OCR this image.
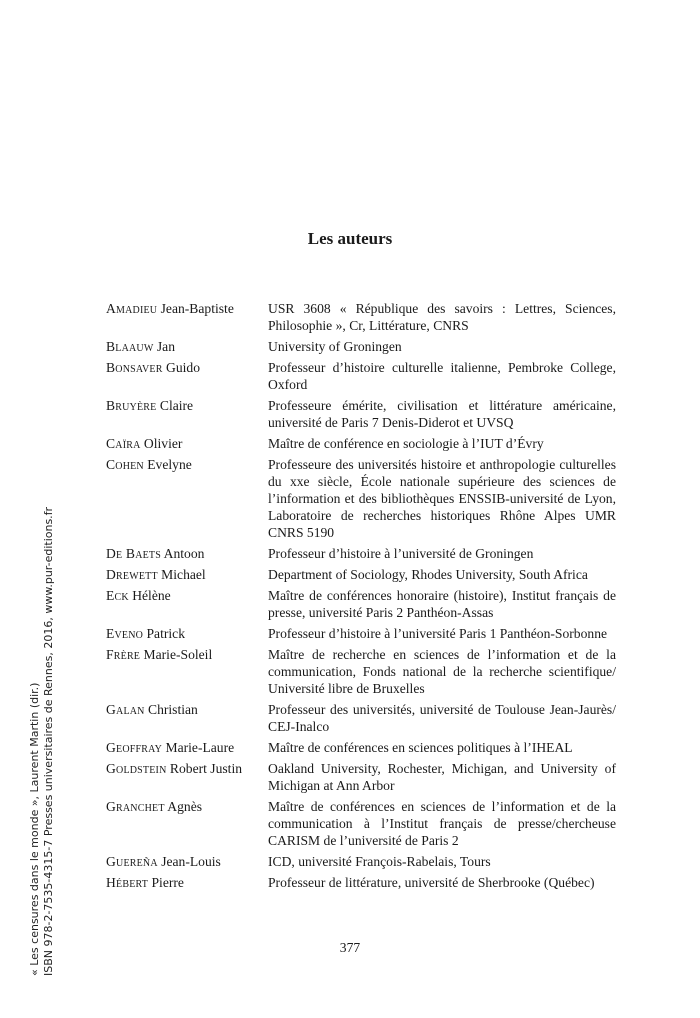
Les auteurs
Amadieu Jean-Baptiste	USR 3608 « République des savoirs : Lettres, Sciences, Philosophie », Cr, Littérature, CNRS
Blaauw Jan	University of Groningen
Bonsaver Guido	Professeur d’histoire culturelle italienne, Pembroke College, Oxford
Bruyère Claire	Professeure émérite, civilisation et littérature américaine, université de Paris 7 Denis-Diderot et UVSQ
Caïra Olivier	Maître de conférence en sociologie à l’IUT d’Évry
Cohen Evelyne	Professeure des universités histoire et anthropologie culturelles du xxe siècle, École nationale supérieure des sciences de l’information et des bibliothèques ENSSIB-université de Lyon, Laboratoire de recherches historiques Rhône Alpes UMR CNRS 5190
De Baets Antoon	Professeur d’histoire à l’université de Groningen
Drewett Michael	Department of Sociology, Rhodes University, South Africa
Eck Hélène	Maître de conférences honoraire (histoire), Institut français de presse, université Paris 2 Panthéon-Assas
Eveno Patrick	Professeur d’histoire à l’université Paris 1 Panthéon-Sorbonne
Frère Marie-Soleil	Maître de recherche en sciences de l’information et de la communication, Fonds national de la recherche scientifique/ Université libre de Bruxelles
Galan Christian	Professeur des universités, université de Toulouse Jean-Jaurès/ CEJ-Inalco
Geoffray Marie-Laure	Maître de conférences en sciences politiques à l’IHEAL
Goldstein Robert Justin	Oakland University, Rochester, Michigan, and University of Michigan at Ann Arbor
Granchet Agnès	Maître de conférences en sciences de l’information et de la communication à l’Institut français de presse/chercheuse CARISM de l’université de Paris 2
Guereña Jean-Louis	ICD, université François-Rabelais, Tours
Hébert Pierre	Professeur de littérature, université de Sherbrooke (Québec)
377
« Les censures dans le monde », Laurent Martin (dir.) ISBN 978-2-7535-4315-7 Presses universitaires de Rennes, 2016, www.pur-editions.fr
